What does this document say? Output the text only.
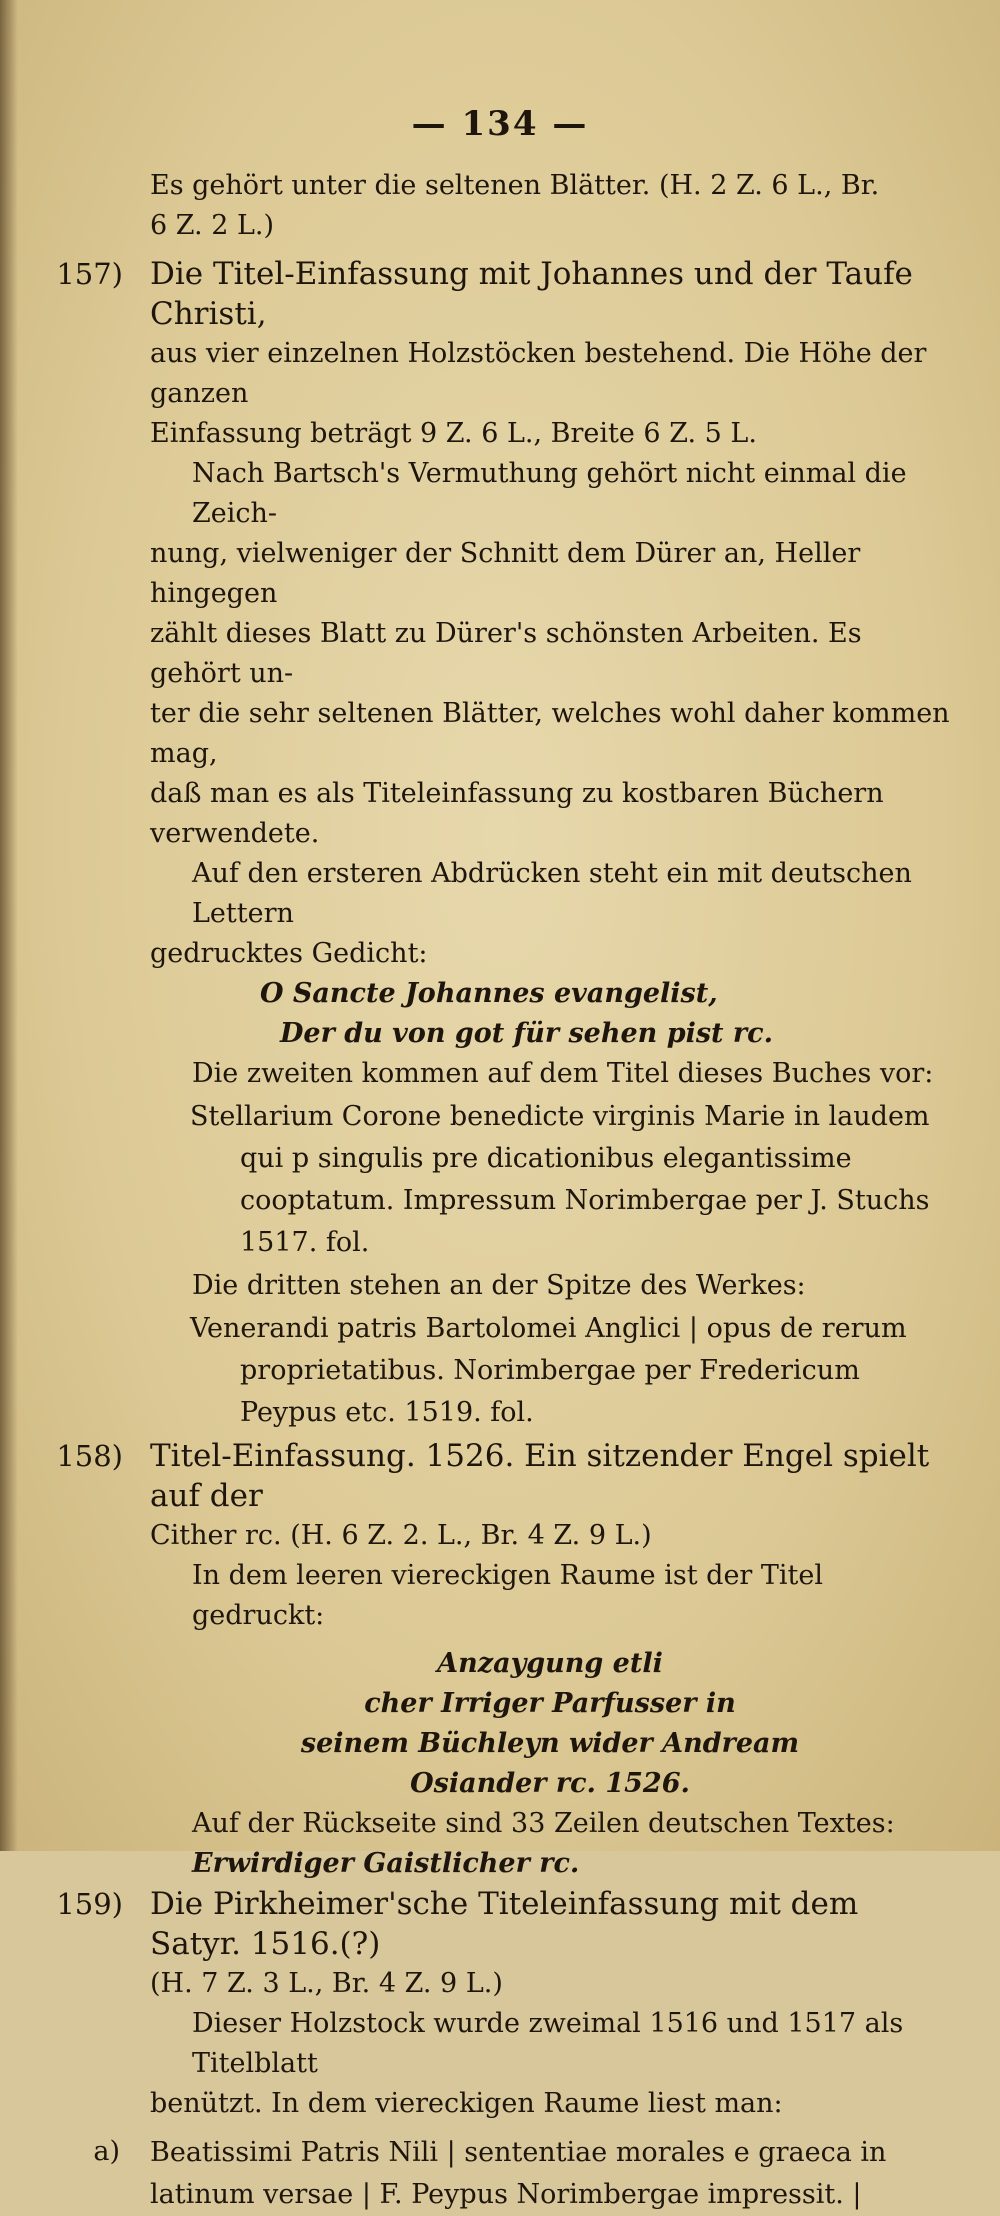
— 134 —

Es gehört unter die seltenen Blätter. (H. 2 Z. 6 L., Br.

6 Z. 2 L.)

157) Die Titel-Einfassung mit Johannes und der Taufe Christi,

aus vier einzelnen Holzstöcken bestehend. Die Höhe der ganzen

Einfassung beträgt 9 Z. 6 L., Breite 6 Z. 5 L.

Nach Bartsch's Vermuthung gehört nicht einmal die Zeich-

nung, vielweniger der Schnitt dem Dürer an, Heller hingegen

zählt dieses Blatt zu Dürer's schönsten Arbeiten. Es gehört un-

ter die sehr seltenen Blätter, welches wohl daher kommen mag,

daß man es als Titeleinfassung zu kostbaren Büchern verwendete.

Auf den ersteren Abdrücken steht ein mit deutschen Lettern

gedrucktes Gedicht:

O Sancte Johannes evangelist,

Der du von got für sehen pist rc.

Die zweiten kommen auf dem Titel dieses Buches vor:

Stellarium Corone benedicte virginis Marie in laudem qui p singulis pre dicationibus elegantissime cooptatum. Impressum Norimbergae per J. Stuchs 1517. fol.

Die dritten stehen an der Spitze des Werkes:

Venerandi patris Bartolomei Anglici | opus de rerum proprietatibus. Norimbergae per Fredericum Peypus etc. 1519. fol.

158) Titel-Einfassung. 1526. Ein sitzender Engel spielt auf der

Cither rc. (H. 6 Z. 2. L., Br. 4 Z. 9 L.)

In dem leeren viereckigen Raume ist der Titel gedruckt:

Anzaygung etli

cher Irriger Parfusser in

seinem Büchleyn wider Andream

Osiander rc. 1526.

Auf der Rückseite sind 33 Zeilen deutschen Textes:

Erwirdiger Gaistlicher rc.

159) Die Pirkheimer'sche Titeleinfassung mit dem Satyr. 1516.(?)

(H. 7 Z. 3 L., Br. 4 Z. 9 L.)

Dieser Holzstock wurde zweimal 1516 und 1517 als Titelblatt

benützt. In dem viereckigen Raume liest man:

a) Beatissimi Patris Nili | sententiae morales e graeca in latinum versae | F. Peypus Norimbergae impressit. |
